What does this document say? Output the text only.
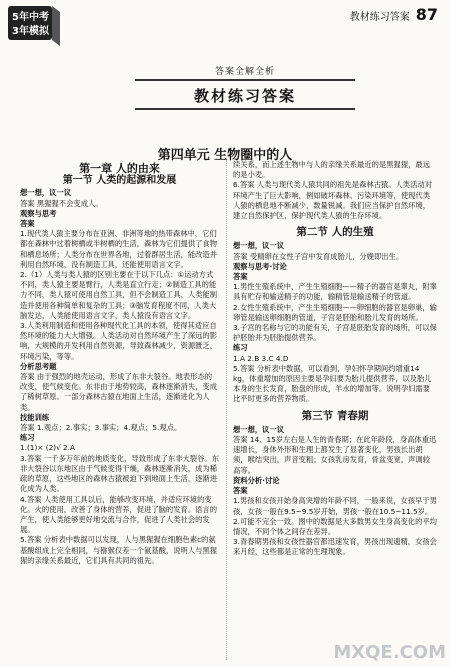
5年中考
3年模拟
教材练习答案 87
答案全解全析
教材练习答案
第四单元 生物圈中的人
第一章 人的由来
第一节 人类的起源和发展

想一想，议一议

答案 黑猩猩不会变成人。

观察与思考

答案

1.现代类人猿主要分布在亚洲、非洲等地的热带森林中，它们都在森林中过着树栖或半树栖的生活，森林为它们提供了食物和栖息场所；人类分布在世界各地，过着群居生活，能改造并利用自然环境，没有制造工具，还能使用语言文字。

2.（1）人类与类人猿的区别主要在于以下几点：①运动方式不同，类人猿主要是臂行，人类是直立行走；②制造工具的能力不同，类人猿可使用自然工具，但不会制造工具，人类能制造并使用各种简单和复杂的工具；③脑发育程度不同，人类大脑发达，人类能使用语言文字，类人猿没有语言文字。

3.人类利用制造和使用各种现代化工具的本领，使得其适应自然环境的能力大大增强。人类活动对自然环境产生了深远的影响，大规模的开发利用自然资源，导致森林减少，资源匮乏，环境污染，等等。

分析思考题

答案 由于强烈的地壳运动，形成了东非大裂谷。地表形态的改变，使气候变化。东非由于地势较高，森林逐渐消失，变成了稀树草原。一部分森林古猿在地面上生活，逐渐进化为人类。

技能训练

答案 1.观点；2.事实；3.事实；4.观点；5.观点。

练习

1.(1)× (2)√ 2.A

3.答案 一千多万年前的地质变化，导致形成了东非大裂谷。东非大裂谷以东地区由于气候变得干燥，森林逐渐消失，成为稀疏的草原，这些地区的森林古猿被迫下到地面上生活，逐渐进化成为人类。

4.答案 人类使用工具以后，能够改变环境，并适应环境的变化。火的使用，改善了身体的营养，促进了脑的发育。语言的产生，使人类能够更好地交流与合作，促进了人类社会的发展。

5.答案 分析表中数据可以发现，人与黑猩猩在细胞色素c的氨基酸组成上完全相同，与猕猴仅差一个氨基酸，说明人与黑猩猩的亲缘关系最近，它们具有共同的祖先。

续关系，而上述生物中与人的亲缘关系最近的是黑猩猩，最远的是小麦。

6.答案 人类与现代类人猿共同的祖先是森林古猿。人类活动对环境产生了巨大影响，例如破坏森林、污染环境等，使现代类人猿的栖息地不断减少，数量锐减。我们应当保护自然环境，建立自然保护区，保护现代类人猿的生存环境。

第二节 人的生殖

想一想，议一议

答案 受精卵在女性子宫中发育成胎儿，分娩即出生。

观察与思考·讨论

答案

1.男性生殖系统中，产生生殖细胞——精子的器官是睾丸，附睾具有贮存和输送精子的功能，输精管是输送精子的管道。

2.女性生殖系统中，产生生殖细胞——卵细胞的器官是卵巢，输卵管是输送卵细胞的管道，子宫是胚胎和胎儿发育的场所。

3.子宫的名称与它的功能有关，子宫是胚胎发育的场所，可以保护胚胎并为胚胎提供营养。

练习

1.A 2.B 3.C 4.D

5.答案 分析表中数据，可以看到，孕妇怀孕期间约增重14 kg，体重增加的原因主要是孕妇要为胎儿提供营养，以及胎儿本身的生长发育，胎盘的形成，羊水的增加等。说明孕妇需要比平时更多的营养物质。

第三节 青春期

想一想，议一议

答案 14、15岁左右是人生的青春期；在此年龄段，身高体重迅速增长，身体外形和生理上都发生了显著变化，男孩长出胡须，喉结突出，声音变粗；女孩乳房发育，骨盆变宽，声调较高等。

资料分析·讨论

答案

1.男孩和女孩开始身高突增的年龄不同，一般来说，女孩早于男孩，女孩一般在9.5~9.5岁开始，男孩一般在10.5~11.5岁。

2.可能不完全一致。图中的数据是大多数男女生身高变化的平均情况，不同个体之间存在差异。

3.青春期男孩和女孩性器官都迅速发育，男孩出现遗精，女孩会来月经，这些都是正常的生理现象。

MXQE.COM
